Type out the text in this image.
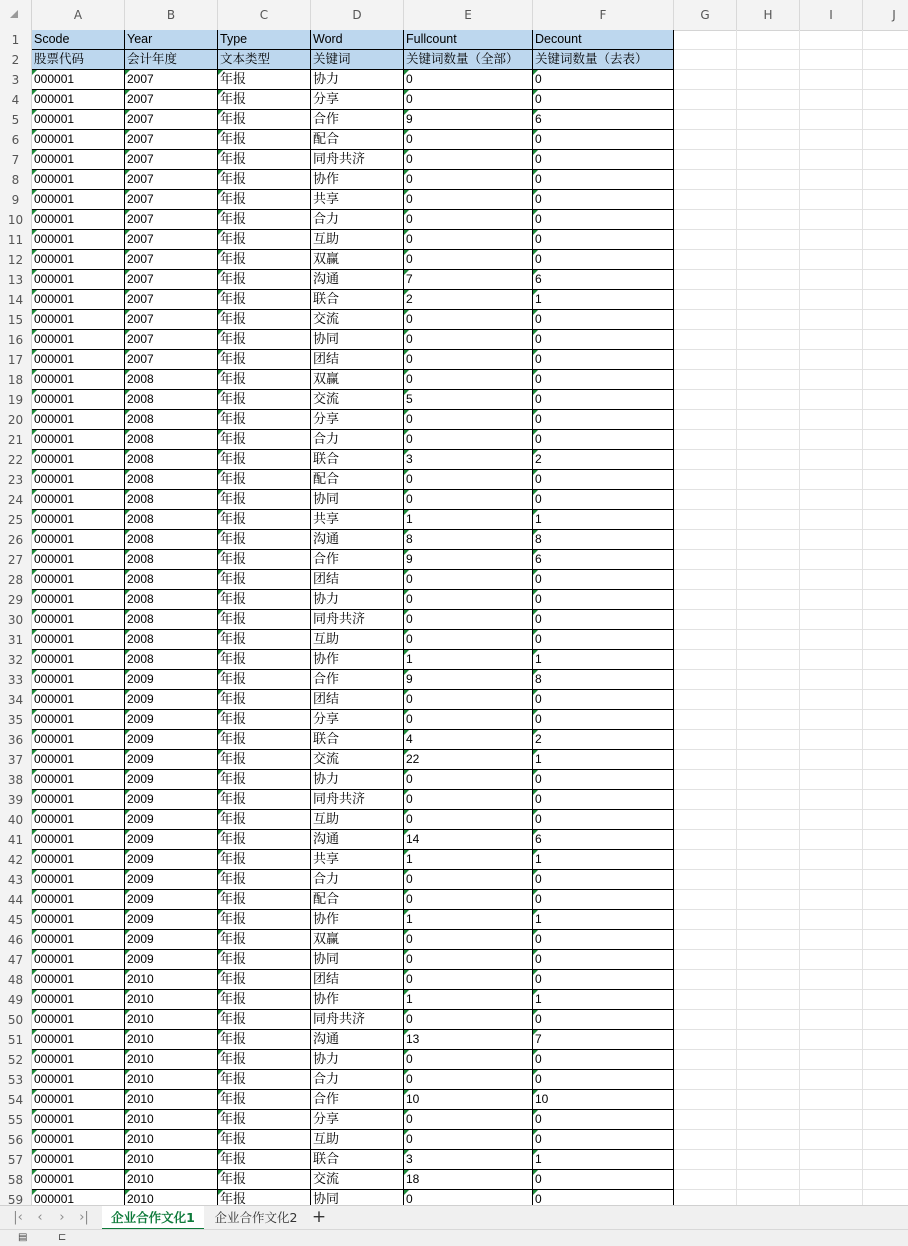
A	B	C	D	E	F	G	H	I	J
1
2
3
4
5
6
7
8
9
10
11
12
13
14
15
16
17
18
19
20
21
22
23
24
25
26
27
28
29
30
31
32
33
34
35
36
37
38
39
40
41
42
43
44
45
46
47
48
49
50
51
52
53
54
55
56
57
58
59
Scode	Year	Type	Word	Fullcount	Decount
股票代码	会计年度	文本类型	关键词	关键词数量（全部）	关键词数量（去表）
000001	2007	年报	协力	0	0
000001	2007	年报	分享	0	0
000001	2007	年报	合作	9	6
000001	2007	年报	配合	0	0
000001	2007	年报	同舟共济	0	0
000001	2007	年报	协作	0	0
000001	2007	年报	共享	0	0
000001	2007	年报	合力	0	0
000001	2007	年报	互助	0	0
000001	2007	年报	双赢	0	0
000001	2007	年报	沟通	7	6
000001	2007	年报	联合	2	1
000001	2007	年报	交流	0	0
000001	2007	年报	协同	0	0
000001	2007	年报	团结	0	0
000001	2008	年报	双赢	0	0
000001	2008	年报	交流	5	0
000001	2008	年报	分享	0	0
000001	2008	年报	合力	0	0
000001	2008	年报	联合	3	2
000001	2008	年报	配合	0	0
000001	2008	年报	协同	0	0
000001	2008	年报	共享	1	1
000001	2008	年报	沟通	8	8
000001	2008	年报	合作	9	6
000001	2008	年报	团结	0	0
000001	2008	年报	协力	0	0
000001	2008	年报	同舟共济	0	0
000001	2008	年报	互助	0	0
000001	2008	年报	协作	1	1
000001	2009	年报	合作	9	8
000001	2009	年报	团结	0	0
000001	2009	年报	分享	0	0
000001	2009	年报	联合	4	2
000001	2009	年报	交流	22	1
000001	2009	年报	协力	0	0
000001	2009	年报	同舟共济	0	0
000001	2009	年报	互助	0	0
000001	2009	年报	沟通	14	6
000001	2009	年报	共享	1	1
000001	2009	年报	合力	0	0
000001	2009	年报	配合	0	0
000001	2009	年报	协作	1	1
000001	2009	年报	双赢	0	0
000001	2009	年报	协同	0	0
000001	2010	年报	团结	0	0
000001	2010	年报	协作	1	1
000001	2010	年报	同舟共济	0	0
000001	2010	年报	沟通	13	7
000001	2010	年报	协力	0	0
000001	2010	年报	合力	0	0
000001	2010	年报	合作	10	10
000001	2010	年报	分享	0	0
000001	2010	年报	互助	0	0
000001	2010	年报	联合	3	1
000001	2010	年报	交流	18	0
000001	2010	年报	协同	0	0
|‹	‹	›	›|	企业合作文化1	企业合作文化2 +
▤	⊏
